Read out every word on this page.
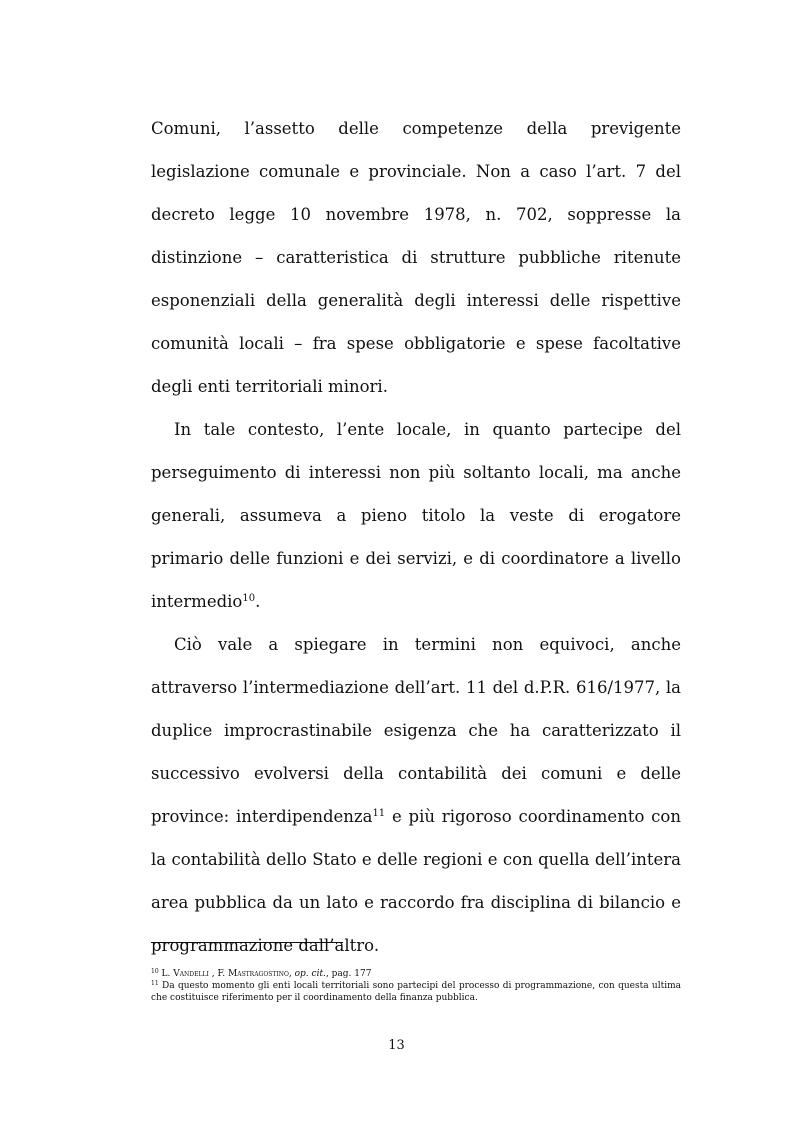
Comuni, l’assetto delle competenze della previgente legislazione comunale e provinciale. Non a caso l’art. 7 del decreto legge 10 novembre 1978, n. 702, soppresse la distinzione – caratteristica di strutture pubbliche ritenute esponenziali della generalità degli interessi delle rispettive comunità locali – fra spese obbligatorie e spese facoltative degli enti territoriali minori.

In tale contesto, l’ente locale, in quanto partecipe del perseguimento di interessi non più soltanto locali, ma anche generali, assumeva a pieno titolo la veste di erogatore primario delle funzioni e dei servizi, e di coordinatore a livello intermedio$^{10}$.

Ciò vale a spiegare in termini non equivoci, anche attraverso l’intermediazione dell’art. 11 del d.P.R. 616/1977, la duplice improcrastinabile esigenza che ha caratterizzato il successivo evolversi della contabilità dei comuni e delle province: interdipendenza$^{11}$ e più rigoroso coordinamento con la contabilità dello Stato e delle regioni e con quella dell’intera area pubblica da un lato e raccordo fra disciplina di bilancio e programmazione dall’altro.

$^{10}$ L. Vandelli , F. Mastragostino, op. cit., pag. 177

$^{11}$ Da questo momento gli enti locali territoriali sono partecipi del processo di programmazione, con questa ultima che costituisce riferimento per il coordinamento della finanza pubblica.

13
